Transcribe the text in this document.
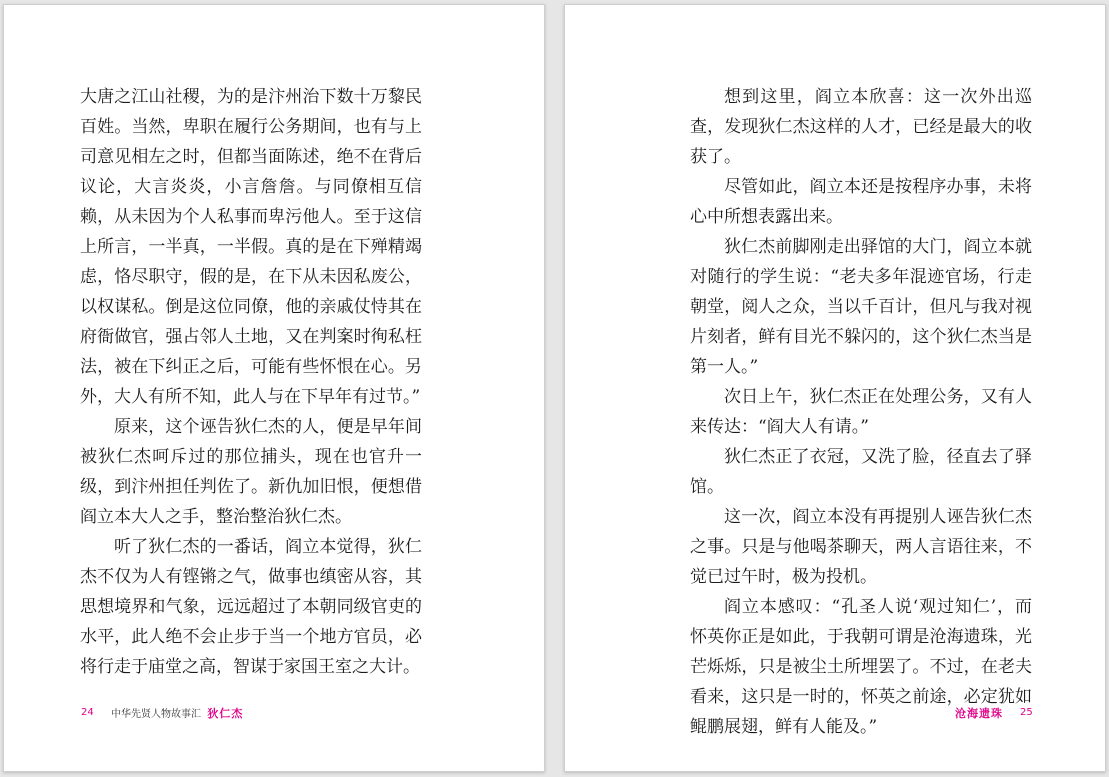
大唐之江山社稷，为的是汴州治下数十万黎民百姓。当然，卑职在履行公务期间，也有与上司意见相左之时，但都当面陈述，绝不在背后议论，大言炎炎，小言詹詹。与同僚相互信赖，从未因为个人私事而卑污他人。至于这信上所言，一半真，一半假。真的是在下殚精竭虑，恪尽职守，假的是，在下从未因私废公，以权谋私。倒是这位同僚，他的亲戚仗恃其在府衙做官，强占邻人土地，又在判案时徇私枉法，被在下纠正之后，可能有些怀恨在心。另外，大人有所不知，此人与在下早年有过节。”

原来，这个诬告狄仁杰的人，便是早年间被狄仁杰呵斥过的那位捕头，现在也官升一级，到汴州担任判佐了。新仇加旧恨，便想借阎立本大人之手，整治整治狄仁杰。

听了狄仁杰的一番话，阎立本觉得，狄仁杰不仅为人有铿锵之气，做事也缜密从容，其思想境界和气象，远远超过了本朝同级官吏的水平，此人绝不会止步于当一个地方官员，必将行走于庙堂之高，智谋于家国王室之大计。

24 中华先贤人物故事汇 狄仁杰

想到这里，阎立本欣喜：这一次外出巡查，发现狄仁杰这样的人才，已经是最大的收获了。

尽管如此，阎立本还是按程序办事，未将心中所想表露出来。

狄仁杰前脚刚走出驿馆的大门，阎立本就对随行的学生说：“老夫多年混迹官场，行走朝堂，阅人之众，当以千百计，但凡与我对视片刻者，鲜有目光不躲闪的，这个狄仁杰当是第一人。”

次日上午，狄仁杰正在处理公务，又有人来传达：“阎大人有请。”

狄仁杰正了衣冠，又洗了脸，径直去了驿馆。

这一次，阎立本没有再提别人诬告狄仁杰之事。只是与他喝茶聊天，两人言语往来，不觉已过午时，极为投机。

阎立本感叹：“孔圣人说‘观过知仁’，而怀英你正是如此，于我朝可谓是沧海遗珠，光芒烁烁，只是被尘土所埋罢了。不过，在老夫看来，这只是一时的，怀英之前途，必定犹如鲲鹏展翅，鲜有人能及。”

沧海遗珠 25
